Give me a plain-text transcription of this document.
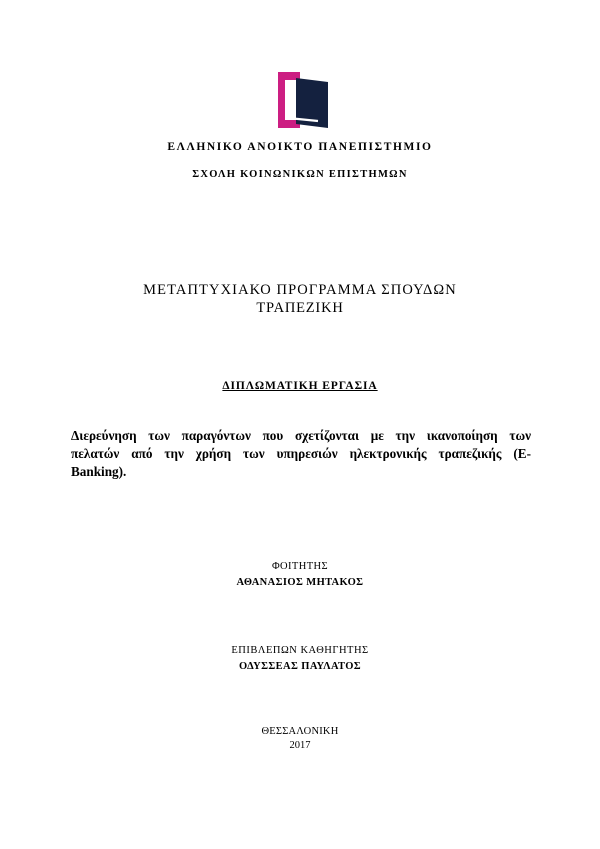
ΕΛΛΗΝΙΚΟ ΑΝΟΙΚΤΟ ΠΑΝΕΠΙΣΤΗΜΙΟ
ΣΧΟΛΗ ΚΟΙΝΩΝΙΚΩΝ ΕΠΙΣΤΗΜΩΝ
ΜΕΤΑΠΤΥΧΙΑΚΟ ΠΡΟΓΡΑΜΜΑ ΣΠΟΥΔΩΝ
ΤΡΑΠΕΖΙΚΗ
ΔΙΠΛΩΜΑΤΙΚΗ ΕΡΓΑΣΙΑ
Διερεύνηση των παραγόντων που σχετίζονται με την ικανοποίηση των
πελατών από την χρήση των υπηρεσιών ηλεκτρονικής τραπεζικής (E-
Banking).
ΦΟΙΤΗΤΗΣ
ΑΘΑΝΑΣΙΟΣ ΜΗΤΑΚΟΣ
ΕΠΙΒΛΕΠΩΝ ΚΑΘΗΓΗΤΗΣ
ΟΔΥΣΣΕΑΣ ΠΑΥΛΑΤΟΣ
ΘΕΣΣΑΛΟΝΙΚΗ
2017
